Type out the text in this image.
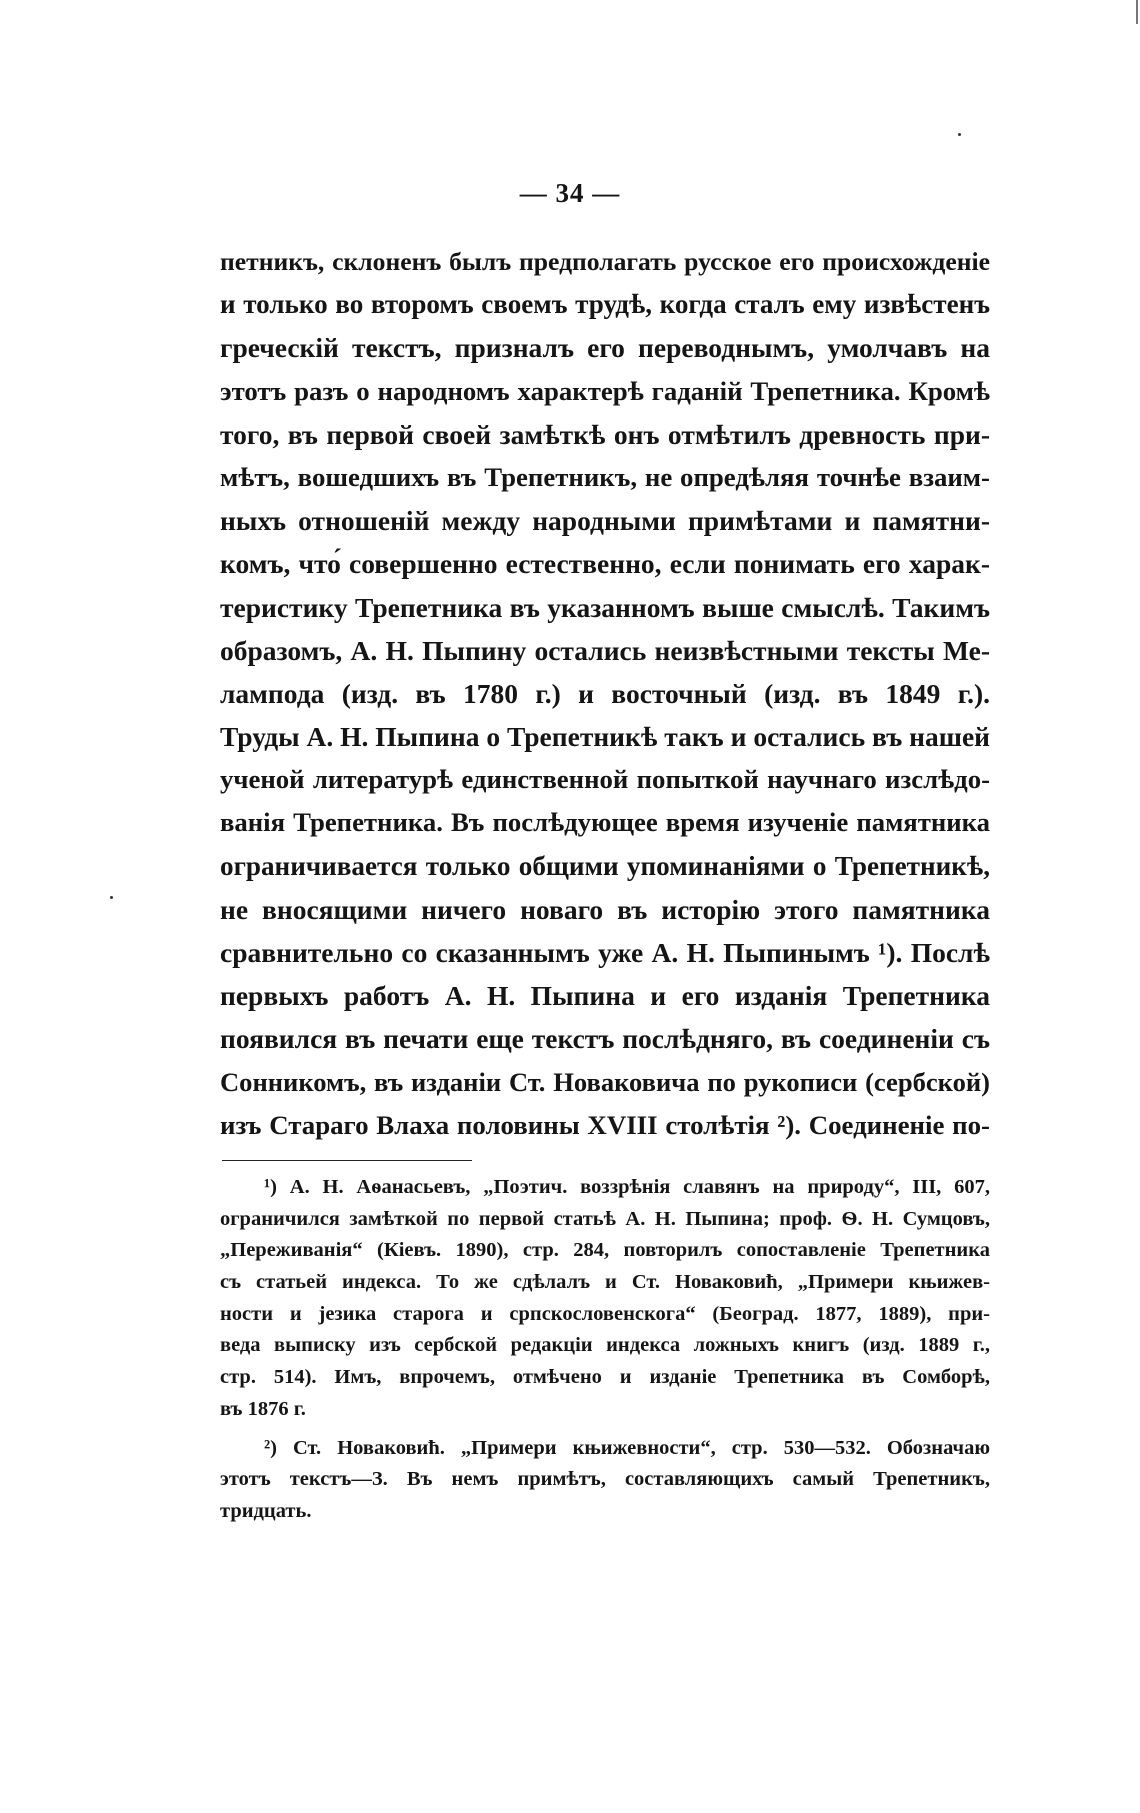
— 34 —
петникъ, склоненъ былъ предполагать русское его происхожденіе
и только во второмъ своемъ трудѣ, когда сталъ ему извѣстенъ
греческій текстъ, призналъ его переводнымъ, умолчавъ на
этотъ разъ о народномъ характерѣ гаданій Трепетника. Кромѣ
того, въ первой своей замѣткѣ онъ отмѣтилъ древность при-
мѣтъ, вошедшихъ въ Трепетникъ, не опредѣляя точнѣе взаим-
ныхъ отношеній между народными примѣтами и памятни-
комъ, что́ совершенно естественно, если понимать его харак-
теристику Трепетника въ указанномъ выше смыслѣ. Такимъ
образомъ, А. Н. Пыпину остались неизвѣстными тексты Ме-
лампода (изд. въ 1780 г.) и восточный (изд. въ 1849 г.).
Труды А. Н. Пыпина о Трепетникѣ такъ и остались въ нашей
ученой литературѣ единственной попыткой научнаго изслѣдо-
ванія Трепетника. Въ послѣдующее время изученіе памятника
ограничивается только общими упоминаніями о Трепетникѣ,
не вносящими ничего новаго въ исторію этого памятника
сравнительно со сказаннымъ уже А. Н. Пыпинымъ ¹). Послѣ
первыхъ работъ А. Н. Пыпина и его изданія Трепетника
появился въ печати еще текстъ послѣдняго, въ соединеніи съ
Сонникомъ, въ изданіи Ст. Новаковича по рукописи (сербской)
изъ Стараго Влаха половины XVIII столѣтія ²). Соединеніе по-
¹) А. Н. Аѳанасьевъ, „Поэтич. воззрѣнія славянъ на природу“, III, 607,
ограничился замѣткой по первой статьѣ А. Н. Пыпина; проф. Ѳ. Н. Сумцовъ,
„Переживанія“ (Кіевъ. 1890), стр. 284, повторилъ сопоставленіе Трепетника
съ статьей индекса. То же сдѣлалъ и Ст. Новаковић, „Примери књижев-
ности и језика старога и српскословенскога“ (Београд. 1877, 1889), при-
веда выписку изъ сербской редакціи индекса ложныхъ книгъ (изд. 1889 г.,
стр. 514). Имъ, впрочемъ, отмѣчено и изданіе Трепетника въ Сомборѣ,
въ 1876 г.
²) Ст. Новаковић. „Примери књижевности“, стр. 530—532. Обозначаю
этотъ текстъ—З. Въ немъ примѣтъ, составляющихъ самый Трепетникъ,
тридцать.
